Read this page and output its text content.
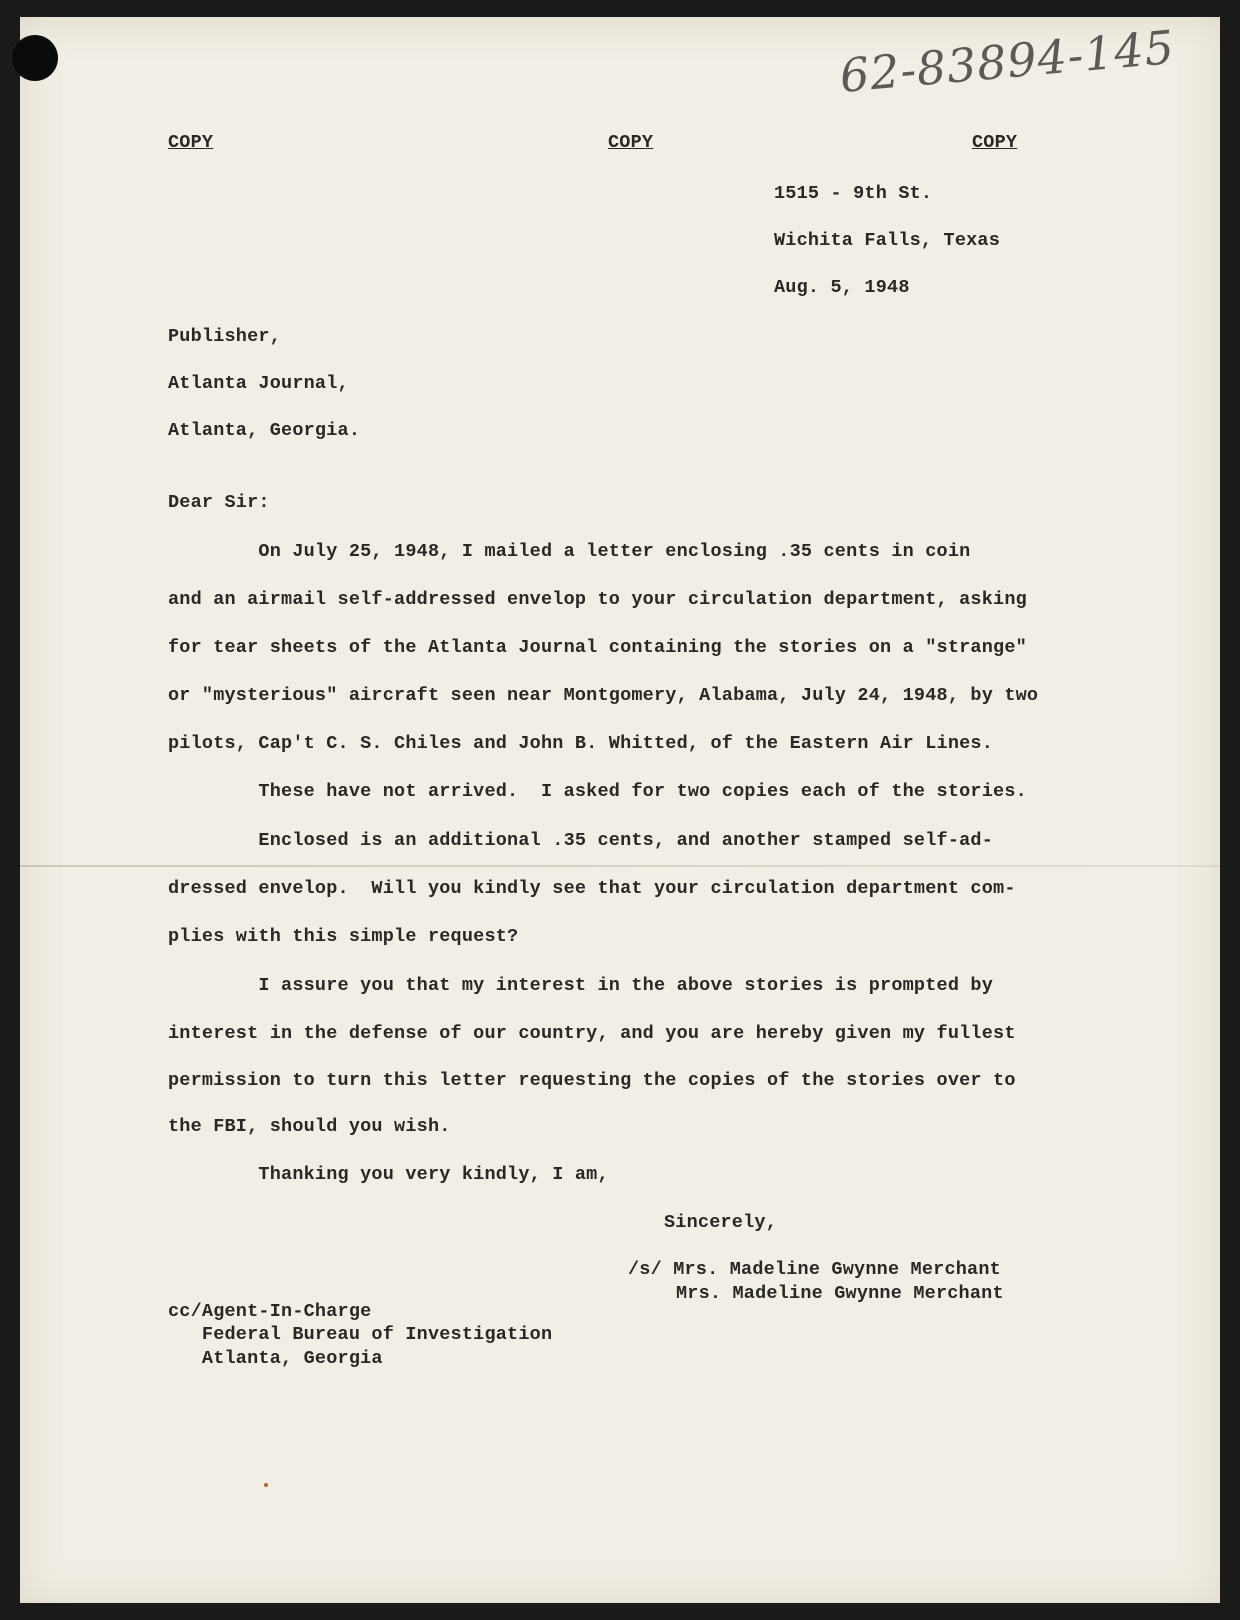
62-83894-145

COPY	COPY	COPY

1515 - 9th St.

Wichita Falls, Texas

Aug. 5, 1948

Publisher,

Atlanta Journal,

Atlanta, Georgia.

Dear Sir:

On July 25, 1948, I mailed a letter enclosing .35 cents in coin

and an airmail self-addressed envelop to your circulation department, asking

for tear sheets of the Atlanta Journal containing the stories on a "strange"

or "mysterious" aircraft seen near Montgomery, Alabama, July 24, 1948, by two

pilots, Cap't C. S. Chiles and John B. Whitted, of the Eastern Air Lines.

These have not arrived.  I asked for two copies each of the stories.

Enclosed is an additional .35 cents, and another stamped self-ad-

dressed envelop.  Will you kindly see that your circulation department com-

plies with this simple request?

I assure you that my interest in the above stories is prompted by

interest in the defense of our country, and you are hereby given my fullest

permission to turn this letter requesting the copies of the stories over to

the FBI, should you wish.

Thanking you very kindly, I am,

Sincerely,

/s/ Mrs. Madeline Gwynne Merchant

Mrs. Madeline Gwynne Merchant

cc/Agent-In-Charge

Federal Bureau of Investigation

Atlanta, Georgia
